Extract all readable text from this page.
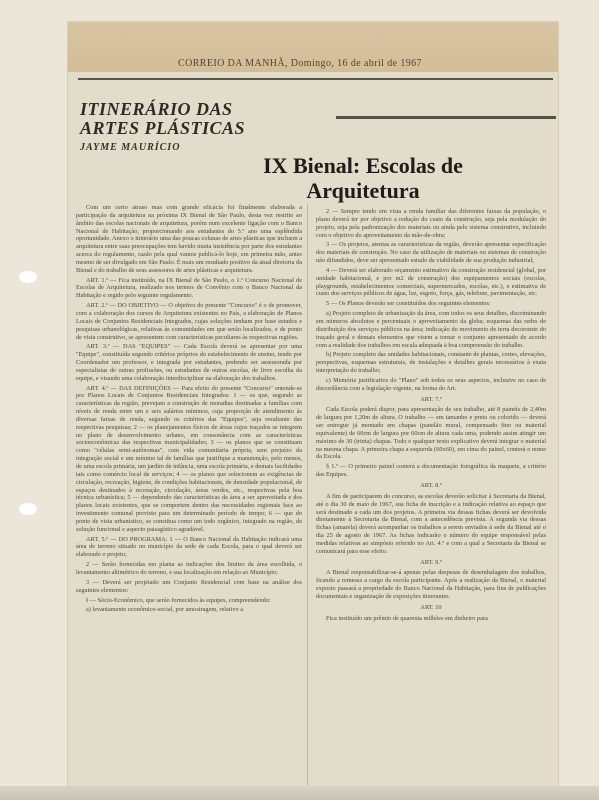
CORREIO DA MANHÃ, Domingo, 16 de abril de 1967
ITINERÁRIO DAS
ARTES PLÁSTICAS
JAYME MAURÍCIO
IX Bienal: Escolas de
Arquitetura

Com um certo atraso mas com grande eficácia foi finalmente elaborada a participação da arquitetura na próxima IX Bienal de São Paulo, desta vez restrito ao âmbito das escolas nacionais de arquitetura, porém num excelente ligação com o Banco Nacional de Habitação, proporcionando aos estudantes do 5.º ano uma esplêndida oportunidade. Anexo o itinerário uma das poucas colunas de artes plásticas que incluem a arquitetura entre suas preocupações tem havido muita insistência por parte dos estudantes acerca do regulamento, razão pela qual vamos publicá-lo hoje, em primeira mão, antes mesmo de ser divulgado em São Paulo. É mais um resultado positivo da atual diretoria da Bienal e do trabalho de seus assessores de artes plásticas e arquitetura.

ART. 1.º — Fica instituído, na IX Bienal de São Paulo, o 1.º Concurso Nacional de Escolas de Arquitetura, realizado nos termos de Convênio com o Banco Nacional da Habitação e regido pelo seguinte regulamento.

ART. 2.º — DO OBJETIVO — O objetivo do presente "Concurso" é o de promover, com a colaboração dos cursos de Arquitetura existentes no País, a elaboração de Planos Locais de Conjuntos Residenciais Integrados, cujas soluções tenham por base estudos e pesquisas urbanológicas, relativas às comunidades em que serão localizados, e de ponto de vista construtivo, se apresentem com características peculiares às respectivas regiões.

ART. 3.º — DAS "EQUIPES" — Cada Escola deverá se apresentar por uma "Equipe", constituída segundo critérios próprios do estabelecimento de ensino, tendo por Coordenador um professor, e integrada por estudantes, podendo ser assessorada por especialistas de outras profissões, ou estudantes de outras escolas, de livre escolha da equipe, e visando uma colaboração interdisciplinar na elaboração dos trabalhos.

ART. 4.º — DAS DEFINIÇÕES — Para efeito do presente "Concurso" entende-se por Planos Locais de Conjuntos Residenciais Integrados: 1 — os que, segundo as características da região, prevejam a construção de moradias destinadas a famílias com níveis de renda entre um e seis salários mínimos, cuja proporção de atendimento às diversas faixas de renda, segundo os critérios das "Equipes", seja resultante das respectivas pesquisas; 2 — os planejamentos físicos de áreas cujos traçados se integrem no plano de desenvolvimento urbano, em consonância com as características socioeconômicas das respectivas municipalidades; 3 — os planos que se constituam como "células semi-autônomas", com vida comunitária própria, sem prejuízo da integração social e um mínimo tal de famílias que justifique a manutenção, pelo menos, de uma escola primária, um jardim de infância, uma escola primária, e demais facilidades tais como comércio local de serviços; 4 — os planos que solucionem as exigências de circulação, recreação, higiene, de condições habitacionais, de densidade populacional, de espaços destinados à recreação, circulação, áreas verdes, etc., respectivas pela boa técnica urbanística; 5 — dependendo das características da área a ser aproveitada e dos planos locais existentes, que se comportem dentro das necessidades regionais face ao investimento comunal previsto para um determinado período de tempo; 6 — que do ponto de vista urbanístico, se constitua como um todo orgânico, integrado na região, de solução funcional e aspecto paisagístico agradável.

ART. 5.º — DO PROGRAMA: 1 — O Banco Nacional da Habitação indicará uma área de terreno situado no município da sede de cada Escola, para o qual deverá ser elaborado o projeto;

2 — Serão fornecidas em planta as indicações dos limites da área escolhida, o levantamento altimétrico do terreno, e sua localização em relação ao Município;

3 — Deverá ser projetado um Conjunto Residencial com base na análise dos seguintes elementos:

I — Sócio-Econômico, que serão fornecidos às equipes, compreendendo:

a) levantamento econômico-social, por amostragem, relativo a

2 — Sempre tendo em vista a renda familiar das diferentes faixas da população, o plano deverá ter por objetivo a redução do custo da construção, seja pela modulação do projeto, seja pela padronização dos materiais ou ainda pelo sistema construtivo, incluindo com o objetivo do aproveitamento da mão-de-obra;

3 — Os projetos, atentas as características da região, deverão apresentar especificação dos materiais de construção. No caso da utilização de materiais ou sistemas de construção não difundidos, deve ser apresentado estudo da viabilidade de sua produção industrial;

4 — Deverá ser elaborado orçamento estimativo da construção residencial (global, por unidade habitacional, e por m2 de construção) dos equipamentos sociais (escolas, playgrounds, estabelecimentos comerciais, supermercados, escolas, etc.), e estimativa de custo dos serviços públicos de água, luz, esgoto, força, gás, telefone, pavimentação, etc.

5 — Os Planos deverão ser constituídos dos seguintes elementos:

a) Projeto completo de urbanização da área, com todos os seus detalhes, discriminando em números absolutos e percentuais o aproveitamento da gleba; esquemas das redes de distribuição dos serviços públicos na área; indicação do movimento de terra decorrente do traçado geral e demais elementos que visem a tornar o conjunto apresentado de acordo com a realidade dos trabalhos em escala adequada à boa compreensão do trabalho.

b) Projeto completo das unidades habitacionais, constante de plantas, cortes, elevações, perspectivas, esquemas estruturais, de instalações e detalhes gerais necessários à exata interpretação do trabalho;

c) Memória justificativa do "Plano" sob todos os seus aspectos, inclusive no caso de discordância com a legislação vigente, na forma do Art.

ART. 7.º

Cada Escola poderá dispor, para apresentação de seu trabalho, até 8 painéis de 2,40m de largura por 1,20m de altura. O trabalho — em tamanho e preto ou colorido — deverá ser entregue já montado em chapas (panelão mural, compensado fino ou material equivalente) de 60cm de largura por 60cm de altura cada uma, podendo assim atingir um máximo de 30 (trinta) chapas. Todo e qualquer texto explicativo deverá integrar o material na mesma chapa. A primeira chapa a esquerda (60x60), em cima do painel, conterá o nome da Escola.

§ 1.º — O primeiro painel conterá a documentação fotográfica da maquete, a critério das Equipes.

ART. 8.º

A fim de participarem do concurso, as escolas deverão solicitar à Secretaria da Bienal, até o dia 30 de maio de 1967, sua ficha de inscrição e a indicação relativa ao espaço que será destinado a cada um dos projetos. A primeira via dessas fichas deverá ser devolvida diretamente à Secretaria da Bienal, com a antecedência prevista. A segunda via dessas fichas (amarela) deverá acompanhar os trabalhos a serem enviados à sede da Bienal até o dia 25 de agosto de 1967. As fichas indicarão o número do equipe responsável pelas medidas relativas ao simpósio referido no Art. 4.º e com a qual a Secretaria da Bienal se comunicará para esse efeito.

ART. 9.º

A Bienal responsabilizar-se-á apenas pelas despesas de desembalagem dos trabalhos, ficando a remessa a cargo da escola participante. Após a realização da Bienal, o material exposto passará a propriedade do Banco Nacional da Habitação, para fins de publicações documentais e organização de exposições itinerantes.

ART. 10

Fica instituído um prêmio de quarenta milhões em dinheiro para
